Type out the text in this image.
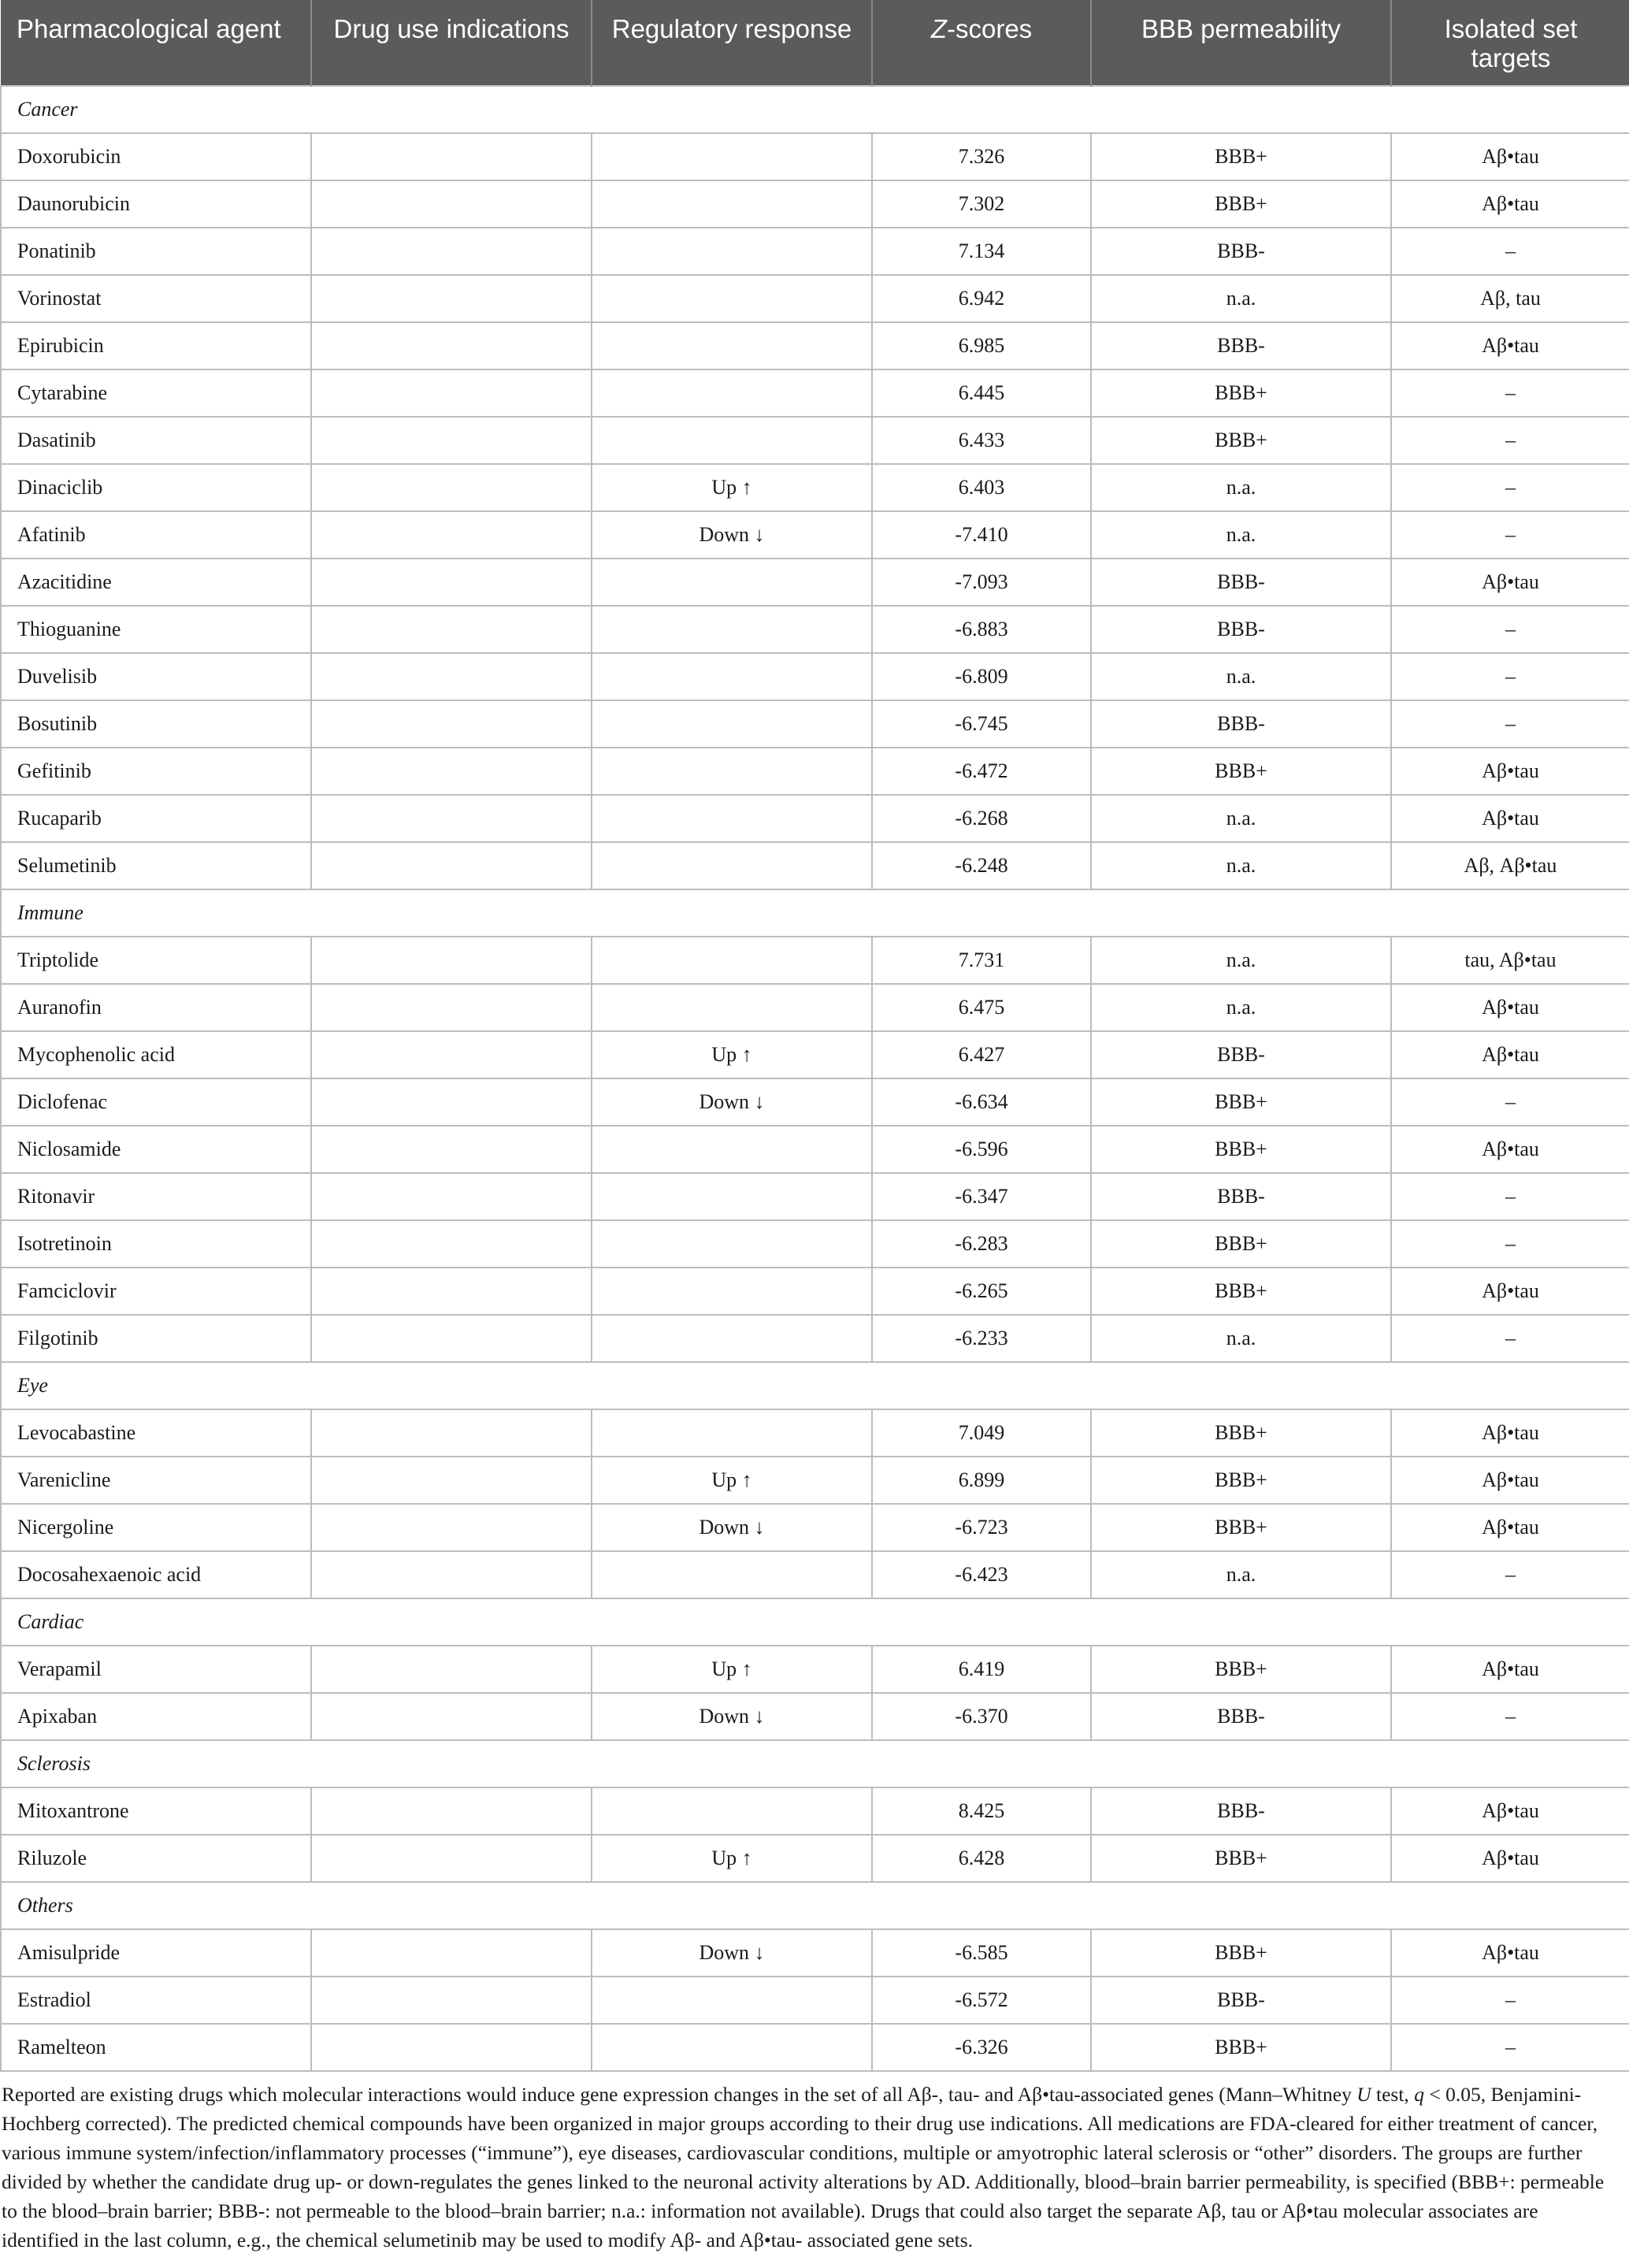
Pharmacological agent	Drug use indications	Regulatory response	Z-scores	BBB permeability	Isolated set targets
Cancer					
Doxorubicin			7.326	BBB+	Aβ•tau
Daunorubicin			7.302	BBB+	Aβ•tau
Ponatinib			7.134	BBB-	–
Vorinostat			6.942	n.a.	Aβ, tau
Epirubicin			6.985	BBB-	Aβ•tau
Cytarabine			6.445	BBB+	–
Dasatinib			6.433	BBB+	–
Dinaciclib		Up ↑	6.403	n.a.	–
Afatinib		Down ↓	-7.410	n.a.	–
Azacitidine			-7.093	BBB-	Aβ•tau
Thioguanine			-6.883	BBB-	–
Duvelisib			-6.809	n.a.	–
Bosutinib			-6.745	BBB-	–
Gefitinib			-6.472	BBB+	Aβ•tau
Rucaparib			-6.268	n.a.	Aβ•tau
Selumetinib			-6.248	n.a.	Aβ, Aβ•tau
Immune					
Triptolide			7.731	n.a.	tau, Aβ•tau
Auranofin			6.475	n.a.	Aβ•tau
Mycophenolic acid		Up ↑	6.427	BBB-	Aβ•tau
Diclofenac		Down ↓	-6.634	BBB+	–
Niclosamide			-6.596	BBB+	Aβ•tau
Ritonavir			-6.347	BBB-	–
Isotretinoin			-6.283	BBB+	–
Famciclovir			-6.265	BBB+	Aβ•tau
Filgotinib			-6.233	n.a.	–
Eye					
Levocabastine			7.049	BBB+	Aβ•tau
Varenicline		Up ↑	6.899	BBB+	Aβ•tau
Nicergoline		Down ↓	-6.723	BBB+	Aβ•tau
Docosahexaenoic acid			-6.423	n.a.	–
Cardiac					
Verapamil		Up ↑	6.419	BBB+	Aβ•tau
Apixaban		Down ↓	-6.370	BBB-	–
Sclerosis					
Mitoxantrone			8.425	BBB-	Aβ•tau
Riluzole		Up ↑	6.428	BBB+	Aβ•tau
Others					
Amisulpride		Down ↓	-6.585	BBB+	Aβ•tau
Estradiol			-6.572	BBB-	–
Ramelteon			-6.326	BBB+	–
Reported are existing drugs which molecular interactions would induce gene expression changes in the set of all Aβ-, tau- and Aβ•tau-associated genes (Mann–Whitney U test, q < 0.05, Benjamini-Hochberg corrected). The predicted chemical compounds have been organized in major groups according to their drug use indications. All medications are FDA-cleared for either treatment of cancer, various immune system/infection/inflammatory processes (“immune”), eye diseases, cardiovascular conditions, multiple or amyotrophic lateral sclerosis or “other” disorders. The groups are further divided by whether the candidate drug up- or down-regulates the genes linked to the neuronal activity alterations by AD. Additionally, blood–brain barrier permeability, is specified (BBB+: permeable to the blood–brain barrier; BBB-: not permeable to the blood–brain barrier; n.a.: information not available). Drugs that could also target the separate Aβ, tau or Aβ•tau molecular associates are identified in the last column, e.g., the chemical selumetinib may be used to modify Aβ- and Aβ•tau- associated gene sets.
